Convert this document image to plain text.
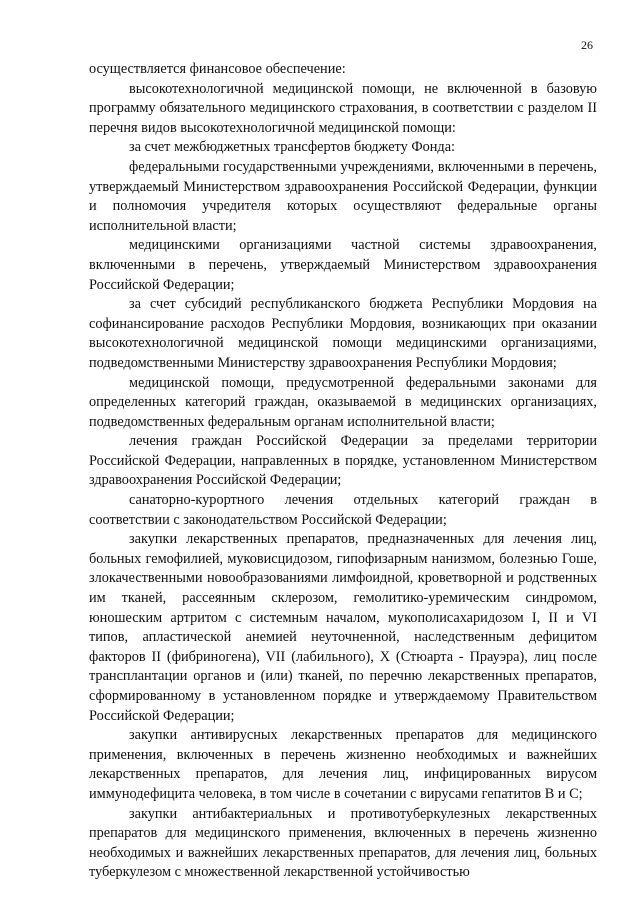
26

осуществляется финансовое обеспечение:

высокотехнологичной медицинской помощи, не включенной в базовую программу обязательного медицинского страхования, в соответствии с разделом II перечня видов высокотехнологичной медицинской помощи:

за счет межбюджетных трансфертов бюджету Фонда:

федеральными государственными учреждениями, включенными в перечень, утверждаемый Министерством здравоохранения Российской Федерации, функции и полномочия учредителя которых осуществляют федеральные органы исполнительной власти;

медицинскими организациями частной системы здравоохранения, включенными в перечень, утверждаемый Министерством здравоохранения Российской Федерации;

за счет субсидий республиканского бюджета Республики Мордовия на софинансирование расходов Республики Мордовия, возникающих при оказании высокотехнологичной медицинской помощи медицинскими организациями, подведомственными Министерству здравоохранения Республики Мордовия;

медицинской помощи, предусмотренной федеральными законами для определенных категорий граждан, оказываемой в медицинских организациях, подведомственных федеральным органам исполнительной власти;

лечения граждан Российской Федерации за пределами территории Российской Федерации, направленных в порядке, установленном Министерством здравоохранения Российской Федерации;

санаторно-курортного лечения отдельных категорий граждан в соответствии с законодательством Российской Федерации;

закупки лекарственных препаратов, предназначенных для лечения лиц, больных гемофилией, муковисцидозом, гипофизарным нанизмом, болезнью Гоше, злокачественными новообразованиями лимфоидной, кроветворной и родственных им тканей, рассеянным склерозом, гемолитико-уремическим синдромом, юношеским артритом с системным началом, мукополисахаридозом I, II и VI типов, апластической анемией неуточненной, наследственным дефицитом факторов II (фибриногена), VII (лабильного), X (Стюарта - Прауэра), лиц после трансплантации органов и (или) тканей, по перечню лекарственных препаратов, сформированному в установленном порядке и утверждаемому Правительством Российской Федерации;

закупки антивирусных лекарственных препаратов для медицинского применения, включенных в перечень жизненно необходимых и важнейших лекарственных препаратов, для лечения лиц, инфицированных вирусом иммунодефицита человека, в том числе в сочетании с вирусами гепатитов B и C;

закупки антибактериальных и противотуберкулезных лекарственных препаратов для медицинского применения, включенных в перечень жизненно необходимых и важнейших лекарственных препаратов, для лечения лиц, больных туберкулезом с множественной лекарственной устойчивостью
